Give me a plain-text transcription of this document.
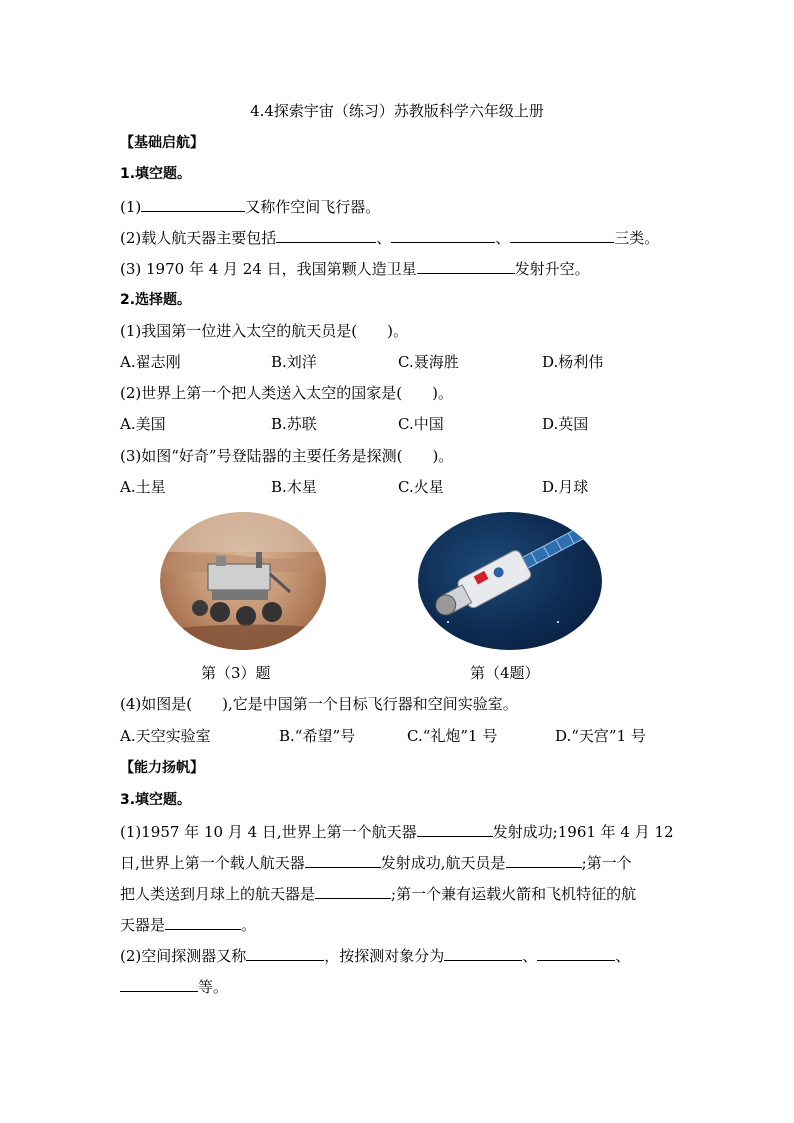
4.4探索宇宙（练习）苏教版科学六年级上册
【基础启航】
1.填空题。
(1)	又称作空间飞行器。
(2)载人航天器主要包括	、	、	三类。
(3) 1970 年 4 月 24 日，我国第颗人造卫星	发射升空。
2.选择题。
(1)我国第一位进入太空的航天员是(　　)。
A.翟志刚	B.刘洋	C.聂海胜	D.杨利伟
(2)世界上第一个把人类送入太空的国家是(　　)。
A.美国	B.苏联	C.中国	D.英国
(3)如图“好奇”号登陆器的主要任务是探测(　　)。
A.土星	B.木星	C.火星	D.月球
第（3）题	第（4题）
(4)如图是(　　),它是中国第一个目标飞行器和空间实验室。
A.天空实验室	B.“希望”号	C.“礼炮”1 号	D.“天宫”1 号
【能力扬帆】
3.填空题。
(1)1957 年 10 月 4 日,世界上第一个航天器	发射成功;1961 年 4 月 12
日,世界上第一个载人航天器	发射成功,航天员是	;第一个
把人类送到月球上的航天器是	;第一个兼有运载火箭和飞机特征的航
天器是	。
(2)空间探测器又称	，按探测对象分为	、	、
等。
